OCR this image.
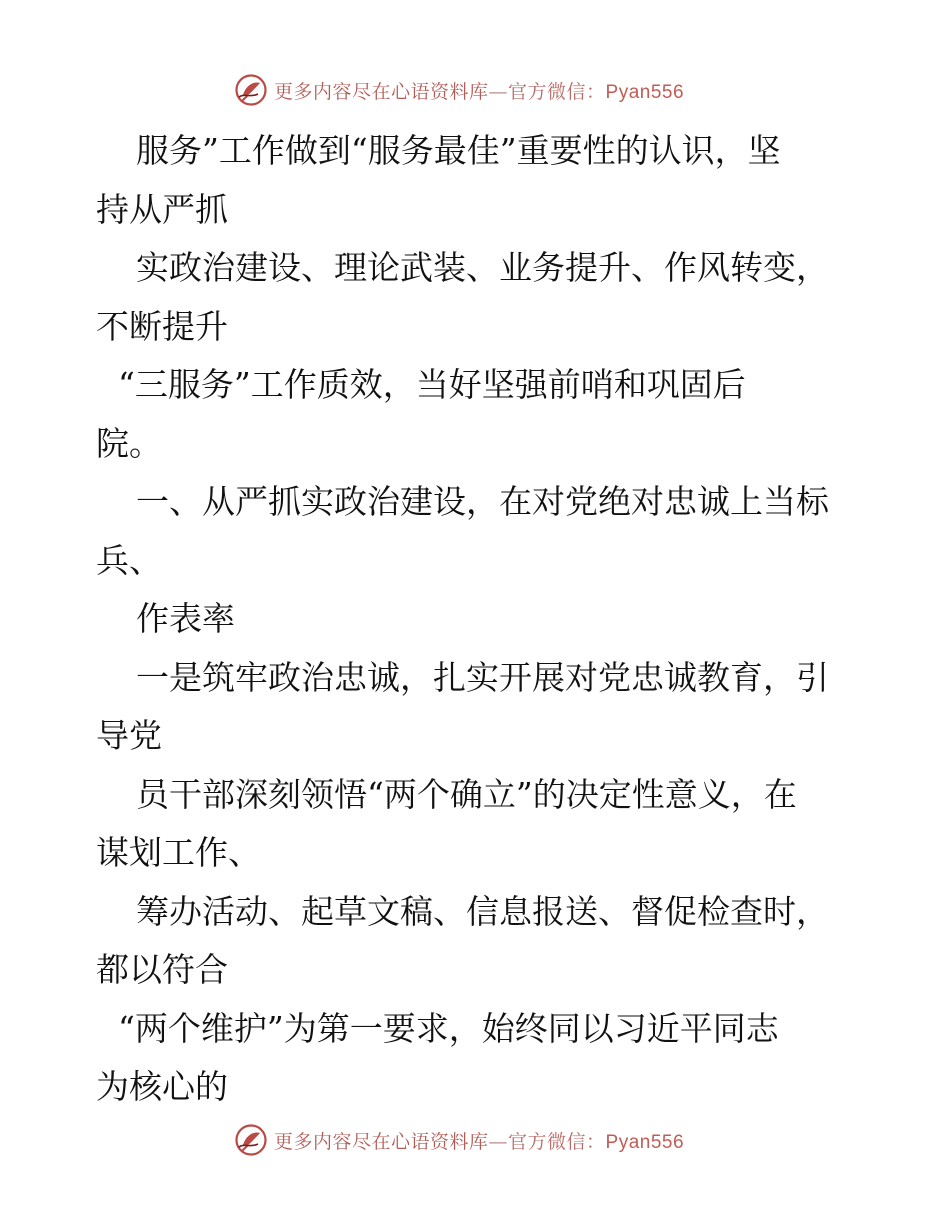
更多内容尽在心语资料库—官方微信：Pyan556
服务”工作做到“服务最佳”重要性的认识，坚
持从严抓
实政治建设、理论武装、业务提升、作风转变，
不断提升
“三服务”工作质效，当好坚强前哨和巩固后
院。
一、从严抓实政治建设，在对党绝对忠诚上当标
兵、
作表率
一是筑牢政治忠诚，扎实开展对党忠诚教育，引
导党
员干部深刻领悟“两个确立”的决定性意义，在
谋划工作、
筹办活动、起草文稿、信息报送、督促检查时，
都以符合
“两个维护”为第一要求，始终同以习近平同志
为核心的
更多内容尽在心语资料库—官方微信：Pyan556
